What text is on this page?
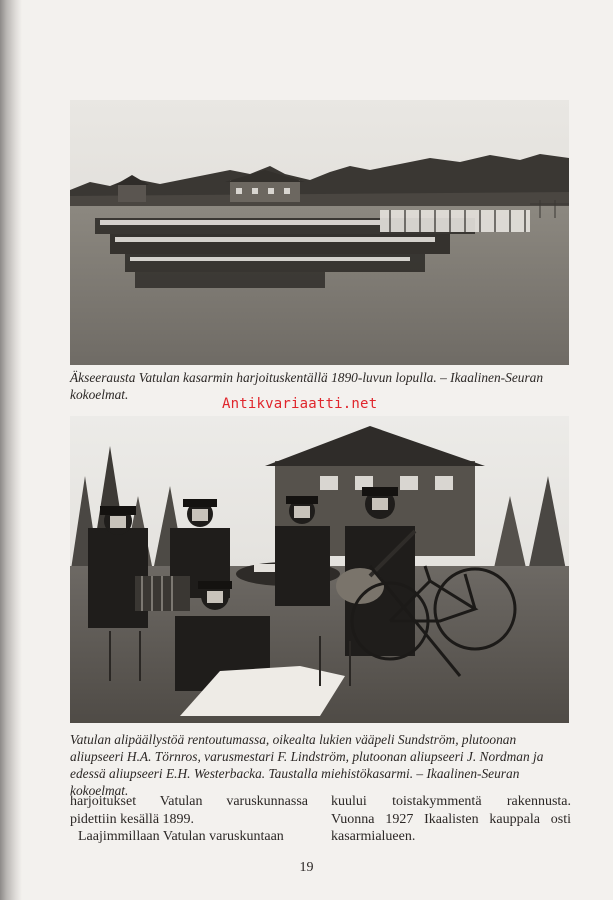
Äkseerausta Vatulan kasarmin harjoituskentällä 1890-luvun lopulla. – Ikaalinen-Seuran kokoelmat.
Antikvariaatti.net
Vatulan alipäällystöä rentoutumassa, oikealta lukien vääpeli Sundström, plutoonan aliupseeri H.A. Törnros, varusmestari F. Lindström, plutoonan aliupseeri J. Nordman ja edessä aliupseeri E.H. Westerbacka. Taustalla miehistökasarmi. – Ikaalinen-Seuran kokoelmat.
harjoitukset Vatulan varuskunnassa pidettiin kesällä 1899.
Laajimmillaan Vatulan varuskuntaan
kuului toistakymmentä rakennusta. Vuonna 1927 Ikaalisten kauppala osti kasarmialueen.
19
